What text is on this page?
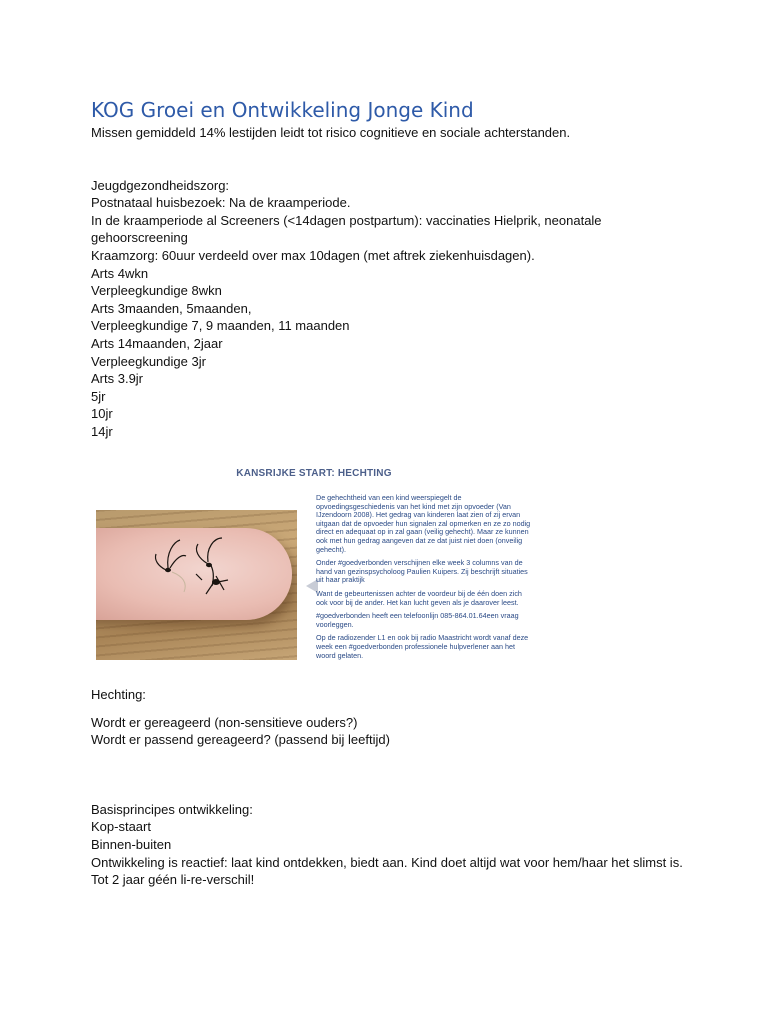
KOG Groei en Ontwikkeling Jonge Kind

Missen gemiddeld 14% lestijden leidt tot risico cognitieve en sociale achterstanden.

Jeugdgezondheidszorg:

Postnataal huisbezoek: Na de kraamperiode.

In de kraamperiode al Screeners (<14dagen postpartum): vaccinaties Hielprik, neonatale gehoorscreening

Kraamzorg: 60uur verdeeld over max 10dagen (met aftrek ziekenhuisdagen).

Arts 4wkn

Verpleegkundige 8wkn

Arts 3maanden, 5maanden,

Verpleegkundige 7, 9 maanden, 11 maanden

Arts 14maanden, 2jaar

Verpleegkundige 3jr

Arts 3.9jr

5jr

10jr

14jr

KANSRIJKE START: HECHTING

De gehechtheid van een kind weerspiegelt de opvoedingsgeschiedenis van het kind met zijn opvoeder (Van IJzendoorn 2008). Het gedrag van kinderen laat zien of zij ervan uitgaan dat de opvoeder hun signalen zal opmerken en ze zo nodig direct en adequaat op in zal gaan (veilig gehecht). Maar ze kunnen ook met hun gedrag aangeven dat ze dat juist niet doen (onveilig gehecht).

Onder #goedverbonden verschijnen elke week 3 columns van de hand van gezinspsycholoog Paulien Kuipers. Zij beschrijft situaties uit haar praktijk

Want de gebeurtenissen achter de voordeur bij de één doen zich ook voor bij de ander. Het kan lucht geven als je daarover leest.

#goedverbonden heeft een telefoonlijn 085-864.01.64een vraag voorleggen.

Op de radiozender L1 en ook bij radio Maastricht wordt vanaf deze week een #goedverbonden professionele hulpverlener aan het woord gelaten.

Hechting:

Wordt er gereageerd (non-sensitieve ouders?)

Wordt er passend gereageerd? (passend bij leeftijd)

Basisprincipes ontwikkeling:

Kop-staart

Binnen-buiten

Ontwikkeling is reactief: laat kind ontdekken, biedt aan. Kind doet altijd wat voor hem/haar het slimst is.

Tot 2 jaar géén li-re-verschil!
